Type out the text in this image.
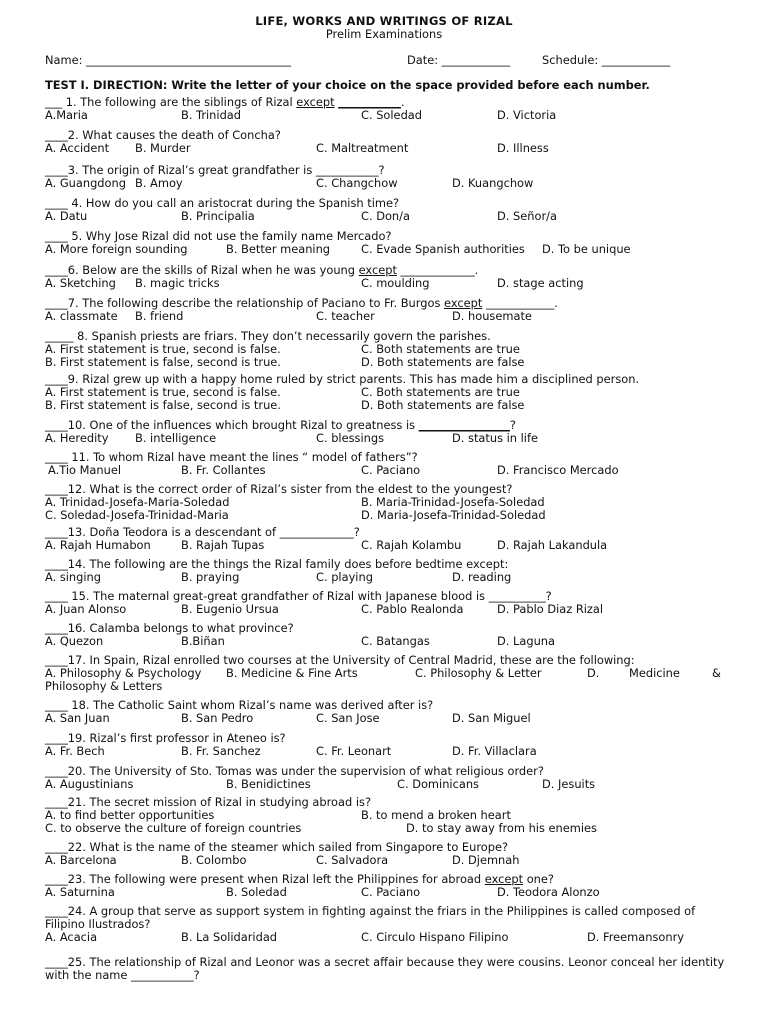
LIFE, WORKS AND WRITINGS OF RIZAL
Prelim Examinations
Name: ____________________________________	Date: ____________	Schedule: ____________
TEST I. DIRECTION: Write the letter of your choice on the space provided before each number.
___ 1. The following are the siblings of Rizal except ___________.
A.Maria	B. Trinidad	C. Soledad	D. Victoria
____2. What causes the death of Concha?
A. Accident B. Murder	C. Maltreatment	D. Illness
____3. The origin of Rizal’s great grandfather is ___________?
A. Guangdong B. Amoy	C. Changchow	D. Kuangchow
____ 4. How do you call an aristocrat during the Spanish time?
A. Datu	B. Principalia	C. Don/a	D. Señor/a
____ 5. Why Jose Rizal did not use the family name Mercado?
A. More foreign sounding	B. Better meaning	C. Evade Spanish authorities D. To be unique
____6. Below are the skills of Rizal when he was young except _____________.
A. Sketching B. magic tricks	C. moulding	D. stage acting
____7. The following describe the relationship of Paciano to Fr. Burgos except ____________.
A. classmate B. friend	C. teacher	D. housemate
_____ 8. Spanish priests are friars. They don’t necessarily govern the parishes.
A. First statement is true, second is false.	C. Both statements are true
B. First statement is false, second is true.	D. Both statements are false
____9. Rizal grew up with a happy home ruled by strict parents. This has made him a disciplined person.
A. First statement is true, second is false.	C. Both statements are true
B. First statement is false, second is true.	D. Both statements are false
____10. One of the influences which brought Rizal to greatness is ________________?
A. Heredity B. intelligence	C. blessings	D. status in life
____ 11. To whom Rizal have meant the lines “ model of fathers”?
A.Tio Manuel	B. Fr. Collantes	C. Paciano	D. Francisco Mercado
____12. What is the correct order of Rizal’s sister from the eldest to the youngest?
A. Trinidad-Josefa-Maria-Soledad	B. Maria-Trinidad-Josefa-Soledad
C. Soledad-Josefa-Trinidad-Maria	D. Maria-Josefa-Trinidad-Soledad
____13. Doña Teodora is a descendant of _____________?
A. Rajah Humabon	B. Rajah Tupas	C. Rajah Kolambu	D. Rajah Lakandula
____14. The following are the things the Rizal family does before bedtime except:
A. singing	B. praying	C. playing	D. reading
____ 15. The maternal great-great grandfather of Rizal with Japanese blood is __________?
A. Juan Alonso	B. Eugenio Ursua	C. Pablo Realonda	D. Pablo Diaz Rizal
____16. Calamba belongs to what province?
A. Quezon	B.Biñan	C. Batangas	D. Laguna
____17. In Spain, Rizal enrolled two courses at the University of Central Madrid, these are the following:
A. Philosophy & Psychology B. Medicine & Fine Arts	C. Philosophy & Letter	D.	Medicine	&
Philosophy & Letters
____ 18. The Catholic Saint whom Rizal’s name was derived after is?
A. San Juan	B. San Pedro	C. San Jose	D. San Miguel
____19. Rizal’s first professor in Ateneo is?
A. Fr. Bech	B. Fr. Sanchez	C. Fr. Leonart	D. Fr. Villaclara
____20. The University of Sto. Tomas was under the supervision of what religious order?
A. Augustinians	B. Benidictines	C. Dominicans	D. Jesuits
____21. The secret mission of Rizal in studying abroad is?
A. to find better opportunities	B. to mend a broken heart
C. to observe the culture of foreign countries	D. to stay away from his enemies
____22. What is the name of the steamer which sailed from Singapore to Europe?
A. Barcelona	B. Colombo	C. Salvadora	D. Djemnah
____23. The following were present when Rizal left the Philippines for abroad except one?
A. Saturnina	B. Soledad	C. Paciano	D. Teodora Alonzo
____24. A group that serve as support system in fighting against the friars in the Philippines is called composed of Filipino Ilustrados?
A. Acacia	B. La Solidaridad	C. Circulo Hispano Filipino	D. Freemansonry
____25. The relationship of Rizal and Leonor was a secret affair because they were cousins. Leonor conceal her identity with the name ___________?
